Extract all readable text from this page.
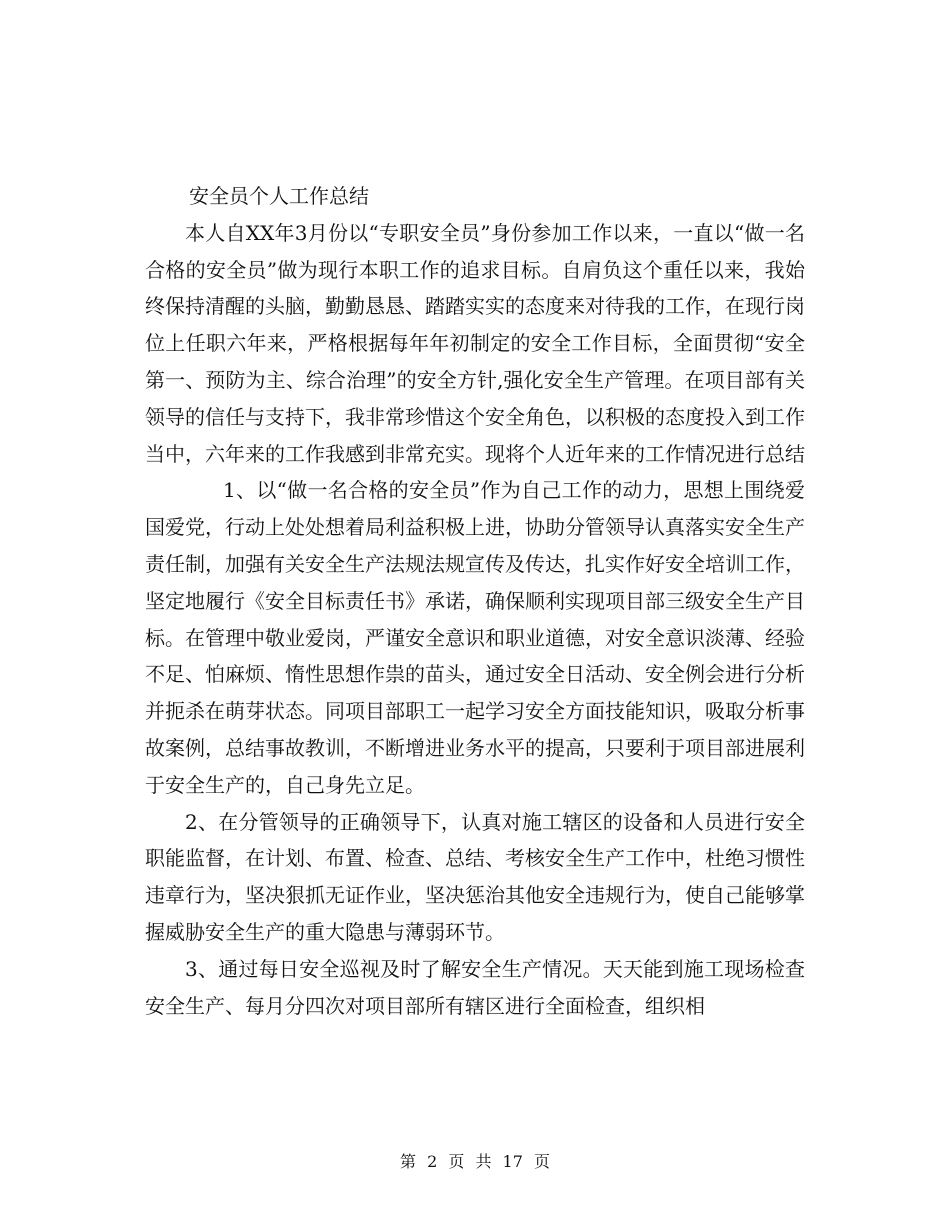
安全员个人工作总结

本人自XX年3月份以“专职安全员”身份参加工作以来，一直以“做一名合格的安全员”做为现行本职工作的追求目标。自肩负这个重任以来，我始终保持清醒的头脑，勤勤恳恳、踏踏实实的态度来对待我的工作，在现行岗位上任职六年来，严格根据每年年初制定的安全工作目标，全面贯彻“安全第一、预防为主、综合治理”的安全方针,强化安全生产管理。在项目部有关领导的信任与支持下，我非常珍惜这个安全角色，以积极的态度投入到工作当中，六年来的工作我感到非常充实。现将个人近年来的工作情况进行总结

1、以“做一名合格的安全员”作为自己工作的动力，思想上围绕爱国爱党，行动上处处想着局利益积极上进，协助分管领导认真落实安全生产责任制，加强有关安全生产法规法规宣传及传达，扎实作好安全培训工作，坚定地履行《安全目标责任书》承诺，确保顺利实现项目部三级安全生产目标。在管理中敬业爱岗，严谨安全意识和职业道德，对安全意识淡薄、经验不足、怕麻烦、惰性思想作祟的苗头，通过安全日活动、安全例会进行分析并扼杀在萌芽状态。同项目部职工一起学习安全方面技能知识，吸取分析事故案例，总结事故教训，不断增进业务水平的提高，只要利于项目部进展利于安全生产的，自己身先立足。

2、在分管领导的正确领导下，认真对施工辖区的设备和人员进行安全职能监督，在计划、布置、检查、总结、考核安全生产工作中，杜绝习惯性违章行为，坚决狠抓无证作业，坚决惩治其他安全违规行为，使自己能够掌握威胁安全生产的重大隐患与薄弱环节。

3、通过每日安全巡视及时了解安全生产情况。天天能到施工现场检查安全生产、每月分四次对项目部所有辖区进行全面检查，组织相

第 2 页 共 17 页
